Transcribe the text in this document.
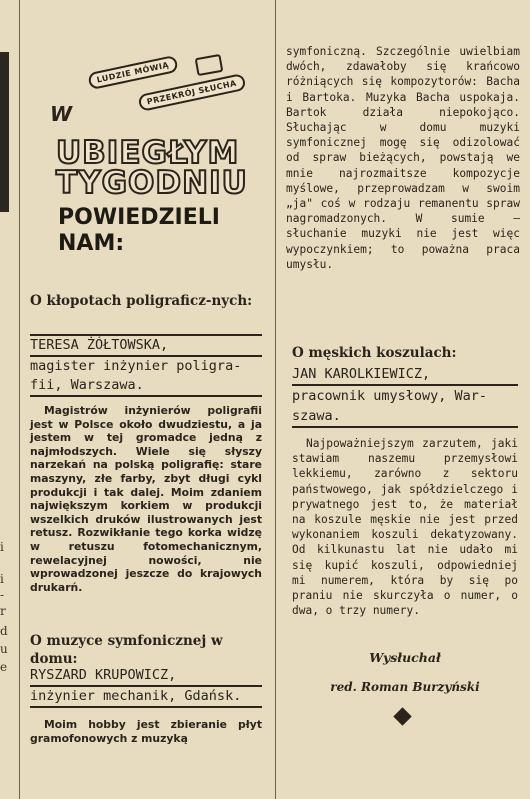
i
i
-
r
d
u
e
LUDZIE MÓWIĄ
PRZEKRÓJ SŁUCHA
W
UBIEGŁYM
TYGODNIU
POWIEDZIELI
NAM:
O kłopotach poligraficz-nych:
TERESA ŻÓŁTOWSKA,
magister inżynier poligra-
fii, Warszawa.

Magistrów inżynierów poligrafii jest w Polsce około dwudziestu, a ja jestem w tej gromadce jedną z najmłodszych. Wiele się słyszy narzekań na polską poligrafię: stare maszyny, złe farby, zbyt długi cykl produkcji i tak dalej. Moim zdaniem największym korkiem w produkcji wszelkich druków ilustrowanych jest retusz. Rozwikłanie tego korka widzę w retuszu fotomechanicznym, rewelacyjnej nowości, nie wprowadzonej jeszcze do krajowych drukarń.

O muzyce symfonicznej w domu:
RYSZARD KRUPOWICZ,
inżynier mechanik, Gdańsk.

Moim hobby jest zbieranie płyt gramofonowych z muzyką

symfoniczną. Szczególnie uwielbiam dwóch, zdawałoby się krańcowo różniących się kompozytorów: Bacha i Bartoka. Muzyka Bacha uspokaja. Bartok działa niepokojąco. Słuchając w domu muzyki symfonicznej mogę się odizolować od spraw bieżących, powstają we mnie najrozmaitsze kompozycje myślowe, przeprowadzam w swoim „ja" coś w rodzaju remanentu spraw nagromadzonych. W sumie — słuchanie muzyki nie jest więc wypoczynkiem; to poważna praca umysłu.

O męskich koszulach:
JAN KAROLKIEWICZ,
pracownik umysłowy, War-
szawa.

Najpoważniejszym zarzutem, jaki stawiam naszemu przemysłowi lekkiemu, zarówno z sektoru państwowego, jak spółdzielczego i prywatnego jest to, że materiał na koszule męskie nie jest przed wykonaniem koszuli dekatyzowany. Od kilkunastu lat nie udało mi się kupić koszuli, odpowiedniej mi numerem, która by się po praniu nie skurczyła o numer, o dwa, o trzy numery.

Wysłuchał
red. Roman Burzyński
